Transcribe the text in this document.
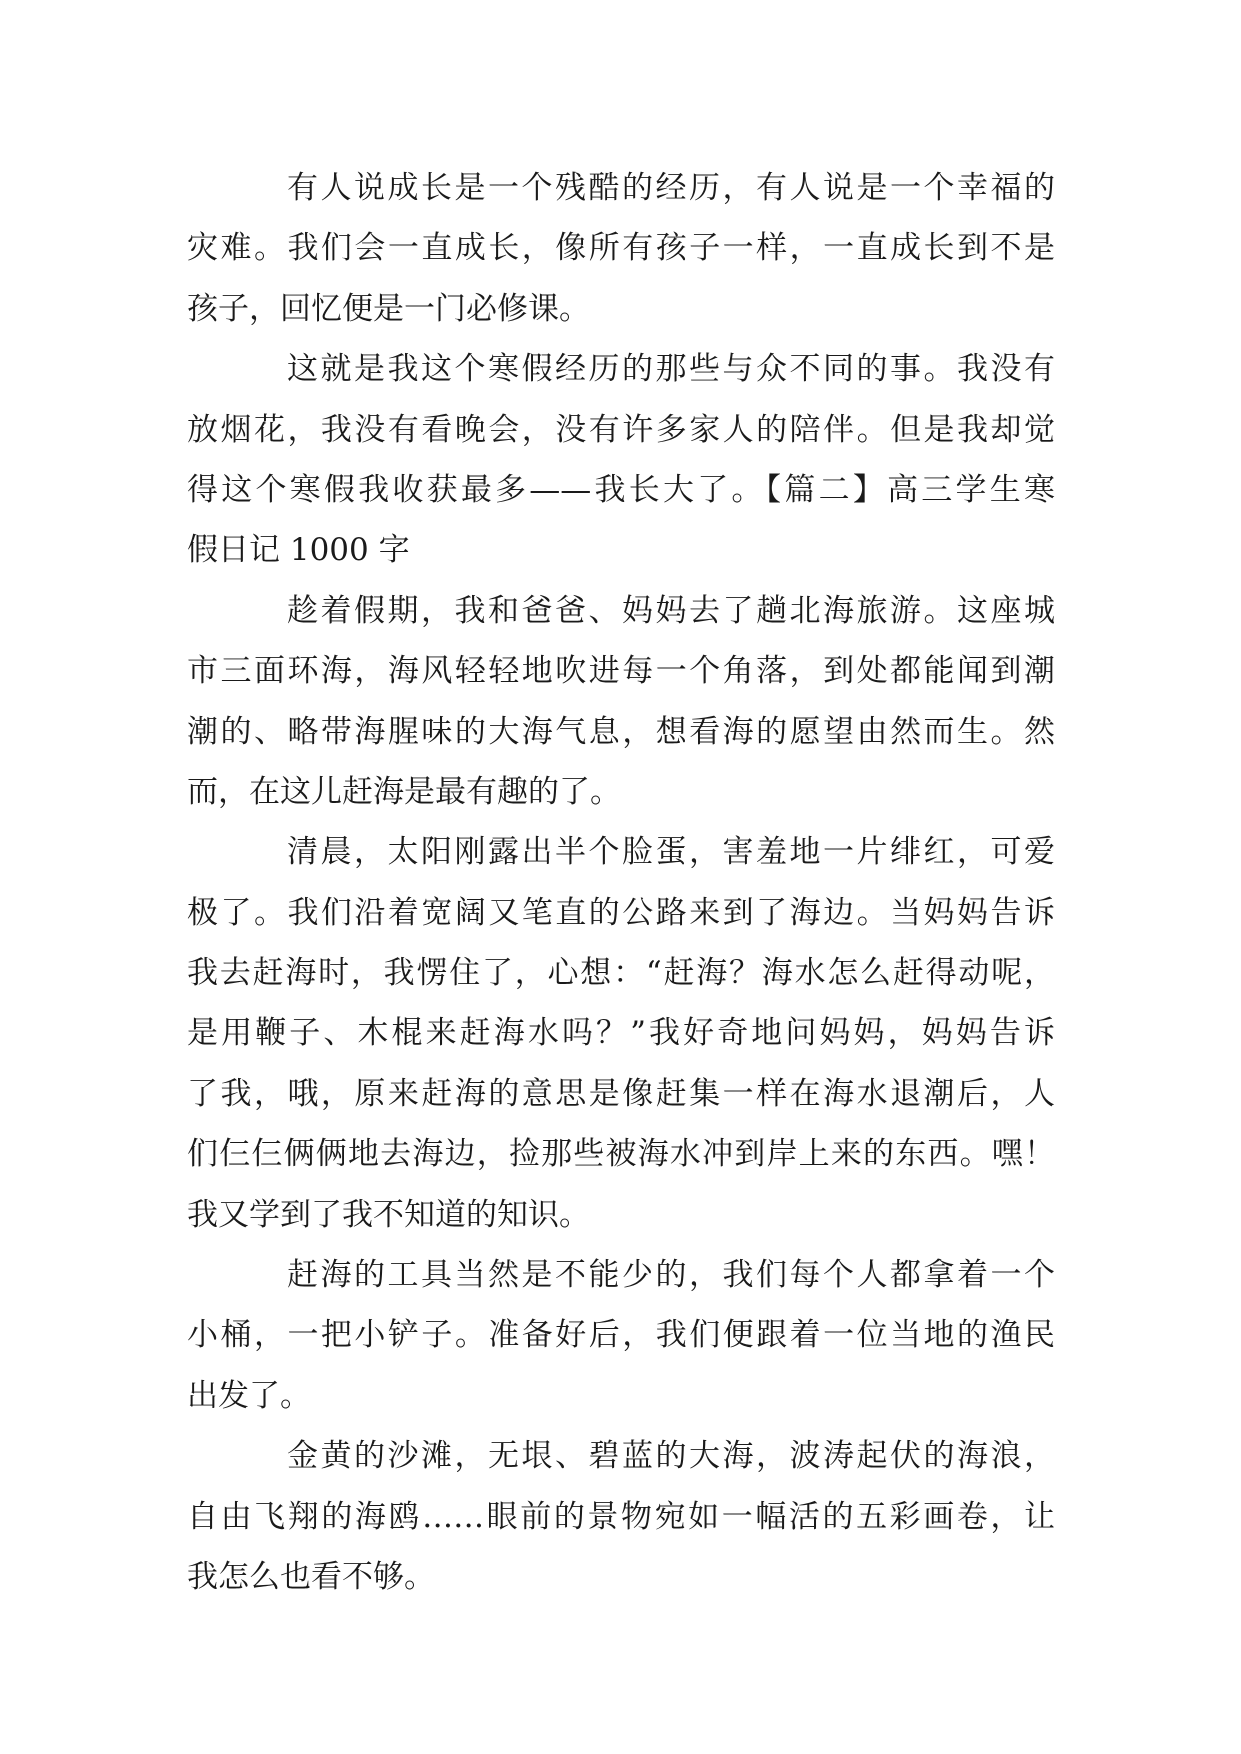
有人说成长是一个残酷的经历，有人说是一个幸福的
灾难。我们会一直成长，像所有孩子一样，一直成长到不是
孩子，回忆便是一门必修课。
这就是我这个寒假经历的那些与众不同的事。我没有
放烟花，我没有看晚会，没有许多家人的陪伴。但是我却觉
得这个寒假我收获最多——我长大了。【篇二】高三学生寒
假日记 1000 字
趁着假期，我和爸爸、妈妈去了趟北海旅游。这座城
市三面环海，海风轻轻地吹进每一个角落，到处都能闻到潮
潮的、略带海腥味的大海气息，想看海的愿望由然而生。然
而，在这儿赶海是最有趣的了。
清晨，太阳刚露出半个脸蛋，害羞地一片绯红，可爱
极了。我们沿着宽阔又笔直的公路来到了海边。当妈妈告诉
我去赶海时，我愣住了，心想：“赶海？海水怎么赶得动呢，
是用鞭子、木棍来赶海水吗？”我好奇地问妈妈，妈妈告诉
了我，哦，原来赶海的意思是像赶集一样在海水退潮后，人
们仨仨俩俩地去海边，捡那些被海水冲到岸上来的东西。嘿！
我又学到了我不知道的知识。
赶海的工具当然是不能少的，我们每个人都拿着一个
小桶，一把小铲子。准备好后，我们便跟着一位当地的渔民
出发了。
金黄的沙滩，无垠、碧蓝的大海，波涛起伏的海浪，
自由飞翔的海鸥……眼前的景物宛如一幅活的五彩画卷，让
我怎么也看不够。
